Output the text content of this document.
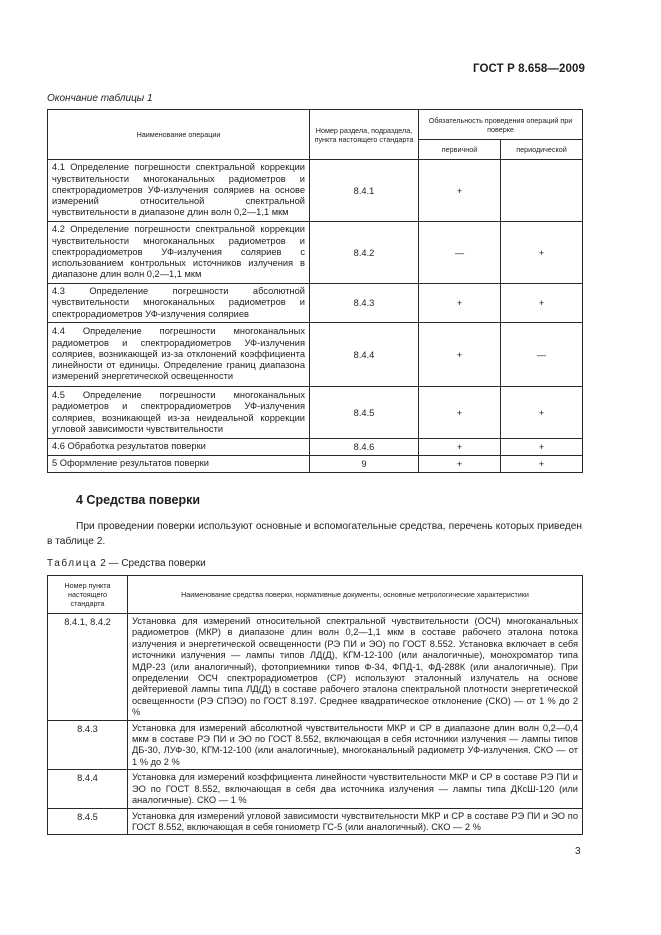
ГОСТ Р 8.658—2009
Окончание таблицы 1
Наименование операции	Номер раздела, подраздела, пункта настоящего стандарта	Обязательность проведения операций при поверке	
		первичной	периодической
4.1 Определение погрешности спектральной коррекции чувствительности многоканальных радиометров и спектрорадиометров УФ-излучения соляриев на основе измерений относительной спектральной чувствительности в диапазоне длин волн 0,2—1,1 мкм	8.4.1	+	
4.2 Определение погрешности спектральной коррекции чувствительности многоканальных радиометров и спектрорадиометров УФ-излучения соляриев с использованием контрольных источников излучения в диапазоне длин волн 0,2—1,1 мкм	8.4.2	—	+
4.3 Определение погрешности абсолютной чувствительности многоканальных радиометров и спектрорадиометров УФ-излучения соляриев	8.4.3	+	+
4.4 Определение погрешности многоканальных радиометров и спектрорадиометров УФ-излучения соляриев, возникающей из-за отклонений коэффициента линейности от единицы. Определение границ диапазона измерений энергетической освещенности	8.4.4	+	—
4.5 Определение погрешности многоканальных радиометров и спектрорадиометров УФ-излучения соляриев, возникающей из-за неидеальной коррекции угловой зависимости чувствительности	8.4.5	+	+
4.6 Обработка результатов поверки	8.4.6	+	+
5 Оформление результатов поверки	9	+	+
4 Средства поверки

При проведении поверки используют основные и вспомогательные средства, перечень которых приведен в таблице 2.

Таблица 2 — Средства поверки
Номер пункта настоящего стандарта	Наименование средства поверки, нормативные документы, основные метрологические характеристики
8.4.1, 8.4.2	Установка для измерений относительной спектральной чувствительности (ОСЧ) многоканальных радиометров (МКР) в диапазоне длин волн 0,2—1,1 мкм в составе рабочего эталона потока излучения и энергетической освещенности (РЭ ПИ и ЭО) по ГОСТ 8.552. Установка включает в себя источники излучения — лампы типов ЛД(Д), КГМ-12-100 (или аналогичные), монохроматор типа МДР-23 (или аналогичный), фотоприемники типов Ф-34, ФПД-1, ФД-288К (или аналогичные). При определении ОСЧ спектрорадиометров (СР) используют эталонный излучатель на основе дейтериевой лампы типа ЛД(Д) в составе рабочего эталона спектральной плотности энергетической освещенности (РЭ СПЭО) по ГОСТ 8.197. Среднее квадратическое отклонение (СКО) — от 1 % до 2 %
8.4.3	Установка для измерений абсолютной чувствительности МКР и СР в диапазоне длин волн 0,2—0,4 мкм в составе РЭ ПИ и ЭО по ГОСТ 8.552, включающая в себя источники излучения — лампы типов ДБ-30, ЛУФ-30, КГМ-12-100 (или аналогичные), многоканальный радиометр УФ-излучения. СКО — от 1 % до 2 %
8.4.4	Установка для измерений коэффициента линейности чувствительности МКР и СР в составе РЭ ПИ и ЭО по ГОСТ 8.552, включающая в себя два источника излучения — лампы типа ДКсШ-120 (или аналогичные). СКО — 1 %
8.4.5	Установка для измерений угловой зависимости чувствительности МКР и СР в составе РЭ ПИ и ЭО по ГОСТ 8.552, включающая в себя гониометр ГС-5 (или аналогичный). СКО — 2 %
3
